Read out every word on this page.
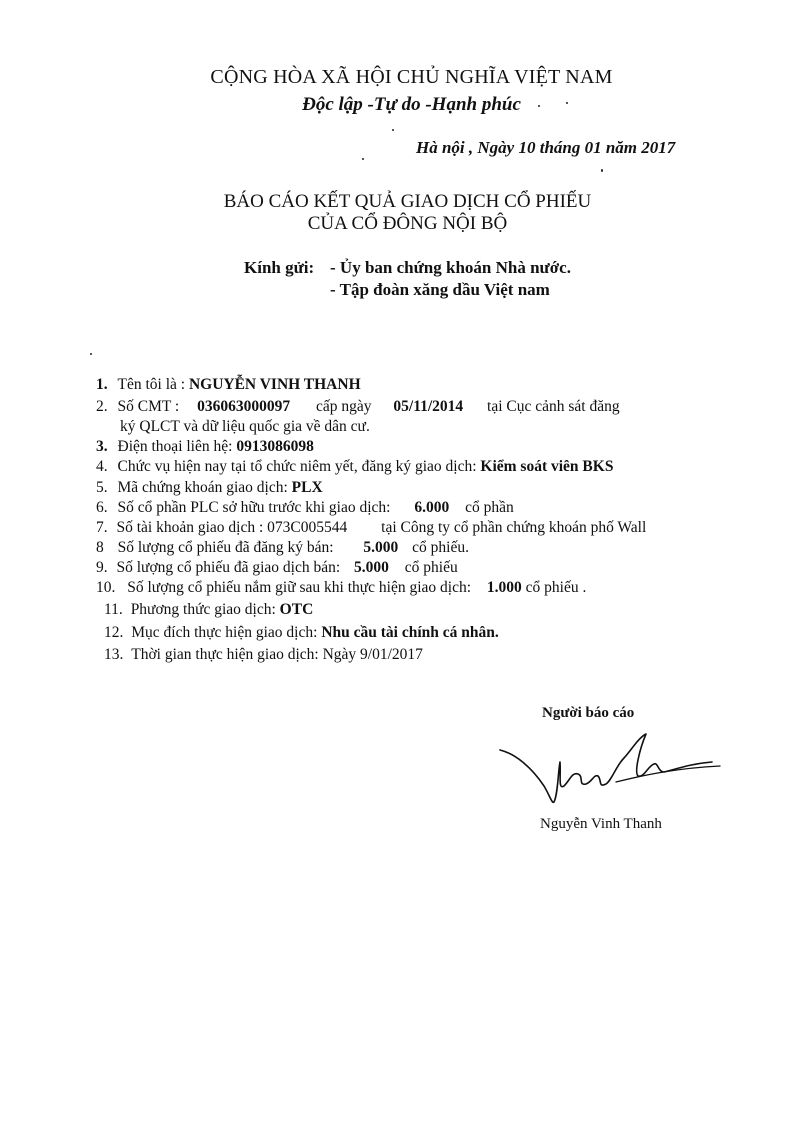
CỘNG HÒA XÃ HỘI CHỦ NGHĨA VIỆT NAM
Độc lập -Tự do -Hạnh phúc
Hà nội , Ngày 10 tháng 01 năm 2017
BÁO CÁO KẾT QUẢ GIAO DỊCH CỔ PHIẾU
CỦA CỔ ĐÔNG NỘI BỘ
Kính gửi: - Ủy ban chứng khoán Nhà nước.
- Tập đoàn xăng dầu Việt nam
1. Tên tôi là : NGUYỄN VINH THANH
2. Số CMT : 036063000097 cấp ngày 05/11/2014 tại Cục cảnh sát đăng
ký QLCT và dữ liệu quốc gia về dân cư.
3. Điện thoại liên hệ: 0913086098
4. Chức vụ hiện nay tại tổ chức niêm yết, đăng ký giao dịch: Kiểm soát viên BKS
5. Mã chứng khoán giao dịch: PLX
6. Số cổ phần PLC sở hữu trước khi giao dịch: 6.000 cổ phần
7. Số tài khoản giao dịch : 073C005544 tại Công ty cổ phần chứng khoán phố Wall
8 Số lượng cổ phiếu đã đăng ký bán: 5.000 cổ phiếu.
9. Số lượng cổ phiếu đã giao dịch bán: 5.000 cổ phiếu
10. Số lượng cổ phiếu nắm giữ sau khi thực hiện giao dịch: 1.000 cổ phiếu .
11. Phương thức giao dịch: OTC
12. Mục đích thực hiện giao dịch: Nhu cầu tài chính cá nhân.
13. Thời gian thực hiện giao dịch: Ngày 9/01/2017
Người báo cáo
Nguyễn Vinh Thanh
